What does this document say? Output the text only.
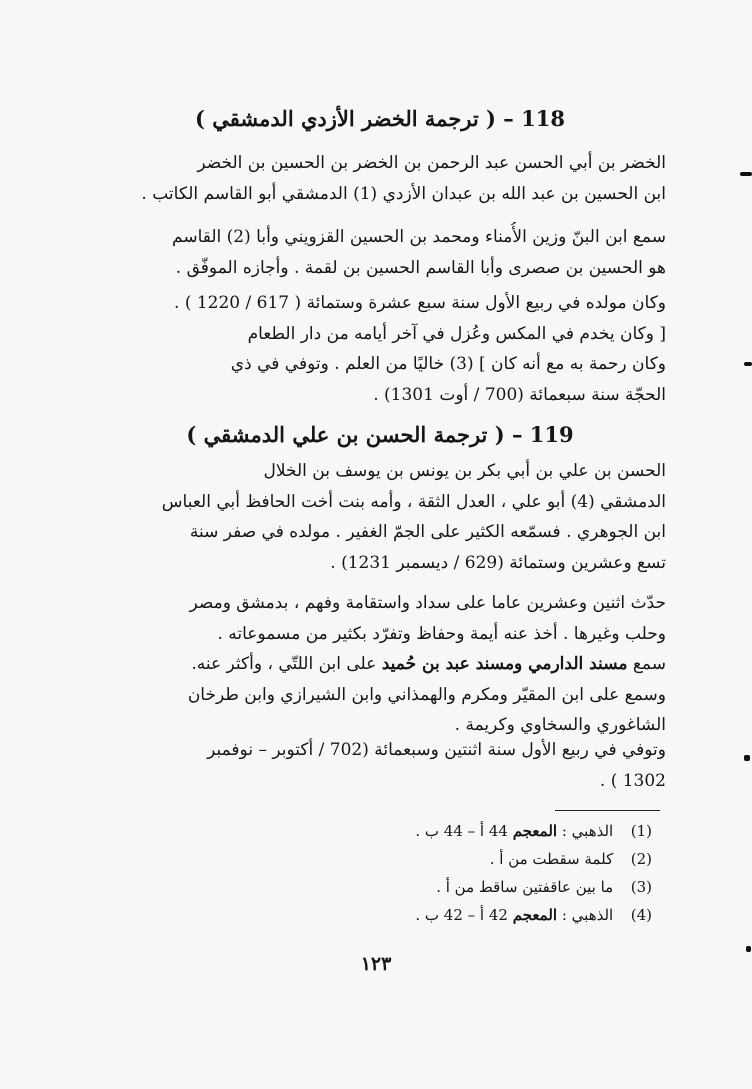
118 – ( ترجمة الخضر الأزدي الدمشقي )
الخضر بن أبي الحسن عبد الرحمن بن الخضر بن الحسين بن الخضر
ابن الحسين بن عبد الله بن عبدان الأزدي (1) الدمشقي أبو القاسم الكاتب .
سمع ابن البنّ وزين الأُمناء ومحمد بن الحسين القزويني وأبا (2) القاسم
هو الحسين بن صصرى وأبا القاسم الحسين بن لقمة . وأجازه الموفّق .
وكان مولده في ربيع الأول سنة سبع عشرة وستمائة ( 617 / 1220 ) .
[ وكان يخدم في المكس وعُزل في آخر أيامه من دار الطعام
وكان رحمة به مع أنه كان ] (3) خاليًا من العلم . وتوفي في ذي
الحجّة سنة سبعمائة (700 / أوت 1301) .
119 – ( ترجمة الحسن بن علي الدمشقي )
الحسن بن علي بن أبي بكر بن يونس بن يوسف بن الخلال
الدمشقي (4) أبو علي ، العدل الثقة ، وأمه بنت أخت الحافظ أبي العباس
ابن الجوهري . فسمّعه الكثير على الجمّ الغفير . مولده في صفر سنة
تسع وعشرين وستمائة (629 / ديسمبر 1231) .
حدّث اثنين وعشرين عاما على سداد واستقامة وفهم ، بدمشق ومصر
وحلب وغيرها . أخذ عنه أيمة وحفاظ وتفرّد بكثير من مسموعاته .
سمع مسند الدارمي ومسند عبد بن حُميد على ابن اللتّي ، وأكثر عنه.
وسمع على ابن المقيّر ومكرم والهمذاني وابن الشيرازي وابن طرخان
الشاغوري والسخاوي وكريمة .
وتوفي في ربيع الأول سنة اثنتين وسبعمائة (702 / أكتوبر – نوفمبر
1302 ) .
(1) الذهبي : المعجم 44 أ – 44 ب .
(2) كلمة سقطت من أ .
(3) ما بين عاقفتين ساقط من أ .
(4) الذهبي : المعجم 42 أ – 42 ب .
١٢٣
